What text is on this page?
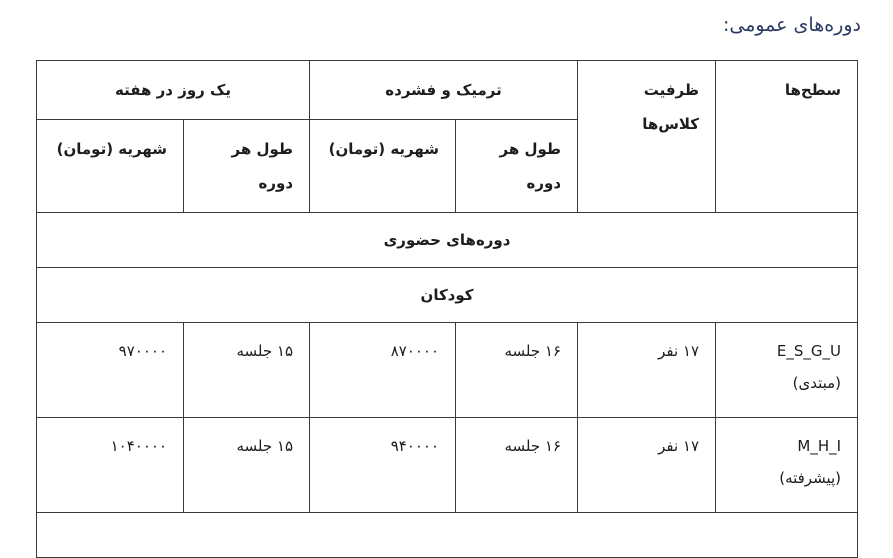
دوره‌های عمومی:
سطح‌ها	ظرفیت کلاس‌ها	ترمیک و فشرده		یک روز در هفته	
		طول هر دوره	شهریه (تومان)	طول هر دوره	شهریه (تومان)
دوره‌های حضوری					
کودکان					

E_S_G_U
(مبتدی)	۱۷ نفر	۱۶ جلسه	۸۷۰۰۰۰	۱۵ جلسه	۹۷۰۰۰۰

M_H_I
(پیشرفته)	۱۷ نفر	۱۶ جلسه	۹۴۰۰۰۰	۱۵ جلسه	۱۰۴۰۰۰۰
